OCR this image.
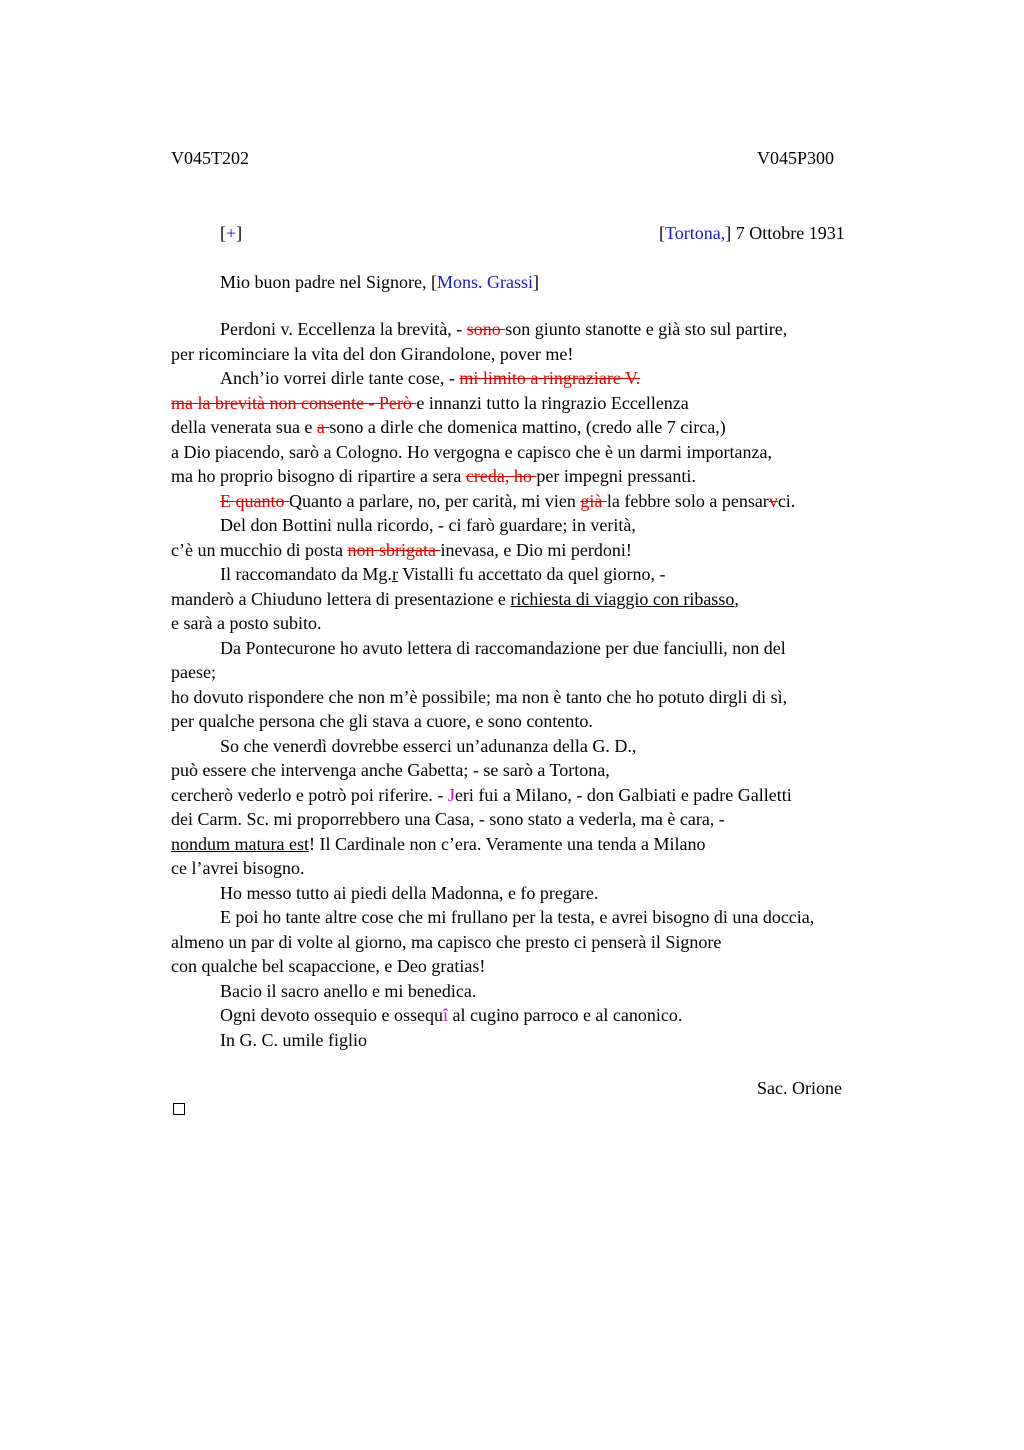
V045T202	V045P300
[+]	[Tortona,] 7 Ottobre 1931
Mio buon padre nel Signore, [Mons. Grassi]
Perdoni v. Eccellenza la brevità, - sono son giunto stanotte e già sto sul partire,
per ricominciare la vita del don Girandolone, pover me!
Anch’io vorrei dirle tante cose, - mi limito a ringraziare V.
ma la brevità non consente - Però e innanzi tutto la ringrazio Eccellenza
della venerata sua e a sono a dirle che domenica mattino, (credo alle 7 circa,)
a Dio piacendo, sarò a Cologno. Ho vergogna e capisco che è un darmi importanza,
ma ho proprio bisogno di ripartire a sera creda, ho per impegni pressanti.
E quanto Quanto a parlare, no, per carità, mi vien già la febbre solo a pensarvci.
Del don Bottini nulla ricordo, - ci farò guardare; in verità,
c’è un mucchio di posta non sbrigata inevasa, e Dio mi perdoni!
Il raccomandato da Mg.r Vistalli fu accettato da quel giorno, -
manderò a Chiuduno lettera di presentazione e richiesta di viaggio con ribasso,
e sarà a posto subito.
Da Pontecurone ho avuto lettera di raccomandazione per due fanciulli, non del
paese;
ho dovuto rispondere che non m’è possibile; ma non è tanto che ho potuto dirgli di sì,
per qualche persona che gli stava a cuore, e sono contento.
So che venerdì dovrebbe esserci un’adunanza della G. D.,
può essere che intervenga anche Gabetta; - se sarò a Tortona,
cercherò vederlo e potrò poi riferire. - Jeri fui a Milano, - don Galbiati e padre Galletti
dei Carm. Sc. mi proporrebbero una Casa, - sono stato a vederla, ma è cara, -
nondum matura est! Il Cardinale non c’era. Veramente una tenda a Milano
ce l’avrei bisogno.
Ho messo tutto ai piedi della Madonna, e fo pregare.
E poi ho tante altre cose che mi frullano per la testa, e avrei bisogno di una doccia,
almeno un par di volte al giorno, ma capisco che presto ci penserà il Signore
con qualche bel scapaccione, e Deo gratias!
Bacio il sacro anello e mi benedica.
Ogni devoto ossequio e ossequî al cugino parroco e al canonico.
In G. C. umile figlio
Sac. Orione
